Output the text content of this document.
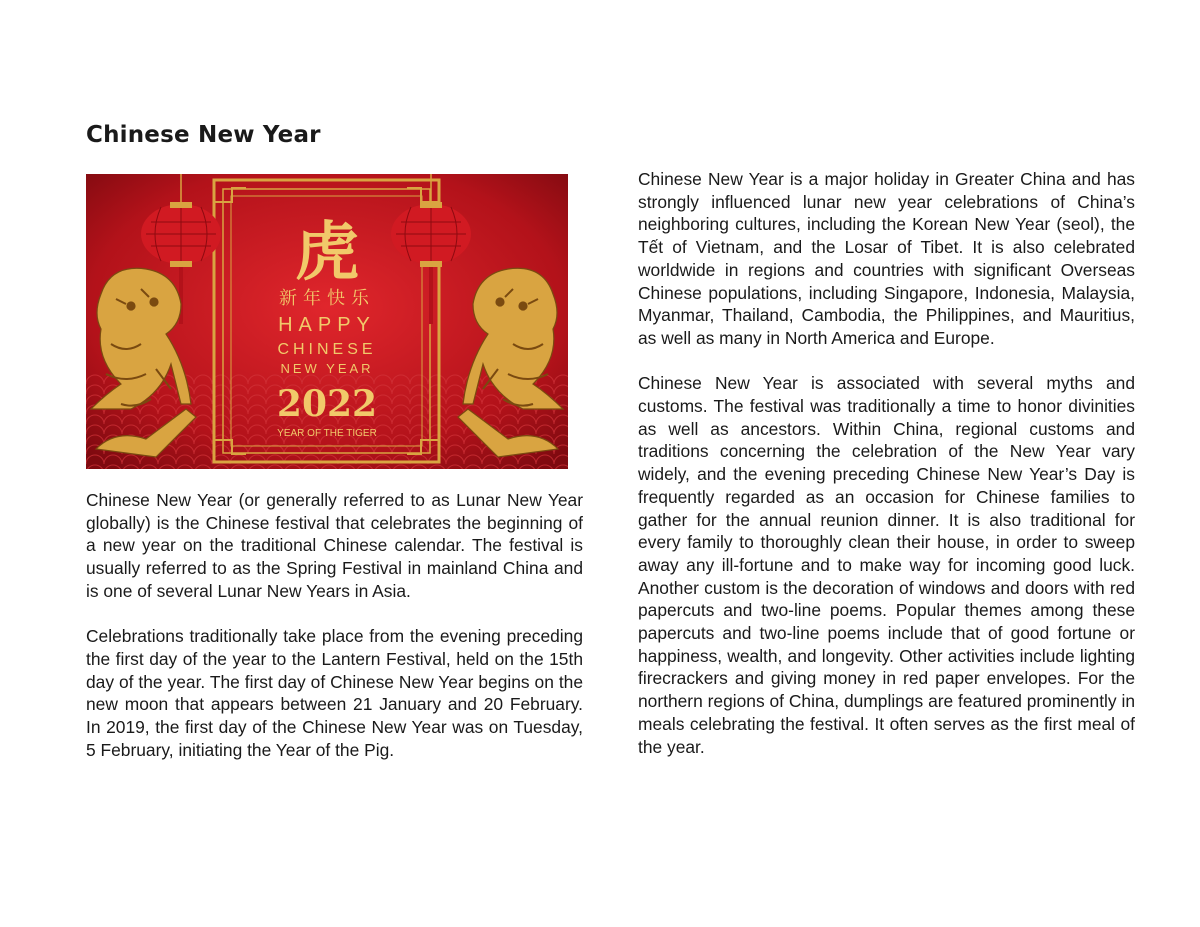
Chinese New Year
虎
新年快乐
HAPPY
CHINESE
NEW YEAR
2022
YEAR OF THE TIGER

Chinese New Year (or generally referred to as Lunar New Year globally) is the Chinese festival that celebrates the beginning of a new year on the traditional Chinese calendar. The festival is usually referred to as the Spring Festival in mainland China and is one of several Lunar New Years in Asia.

Celebrations traditionally take place from the evening preceding the first day of the year to the Lantern Festival, held on the 15th day of the year. The first day of Chinese New Year begins on the new moon that appears between 21 January and 20 February. In 2019, the first day of the Chinese New Year was on Tuesday, 5 February, initiating the Year of the Pig.

Chinese New Year is a major holiday in Greater China and has strongly influenced lunar new year celebrations of China’s neighboring cultures, including the Korean New Year (seol), the Tết of Vietnam, and the Losar of Tibet. It is also celebrated worldwide in regions and countries with significant Overseas Chinese populations, including Singapore, Indonesia, Malaysia, Myanmar, Thailand, Cambodia, the Philippines, and Mauritius, as well as many in North America and Europe.

Chinese New Year is associated with several myths and customs. The festival was traditionally a time to honor divinities as well as ancestors. Within China, regional customs and traditions concerning the celebration of the New Year vary widely, and the evening preceding Chinese New Year’s Day is frequently regarded as an occasion for Chinese families to gather for the annual reunion dinner. It is also traditional for every family to thoroughly clean their house, in order to sweep away any ill-fortune and to make way for incoming good luck. Another custom is the decoration of windows and doors with red papercuts and two-line poems. Popular themes among these papercuts and two-line poems include that of good fortune or happiness, wealth, and longevity. Other activities include lighting firecrackers and giving money in red paper envelopes. For the northern regions of China, dumplings are featured prominently in meals celebrating the festival. It often serves as the first meal of the year.
